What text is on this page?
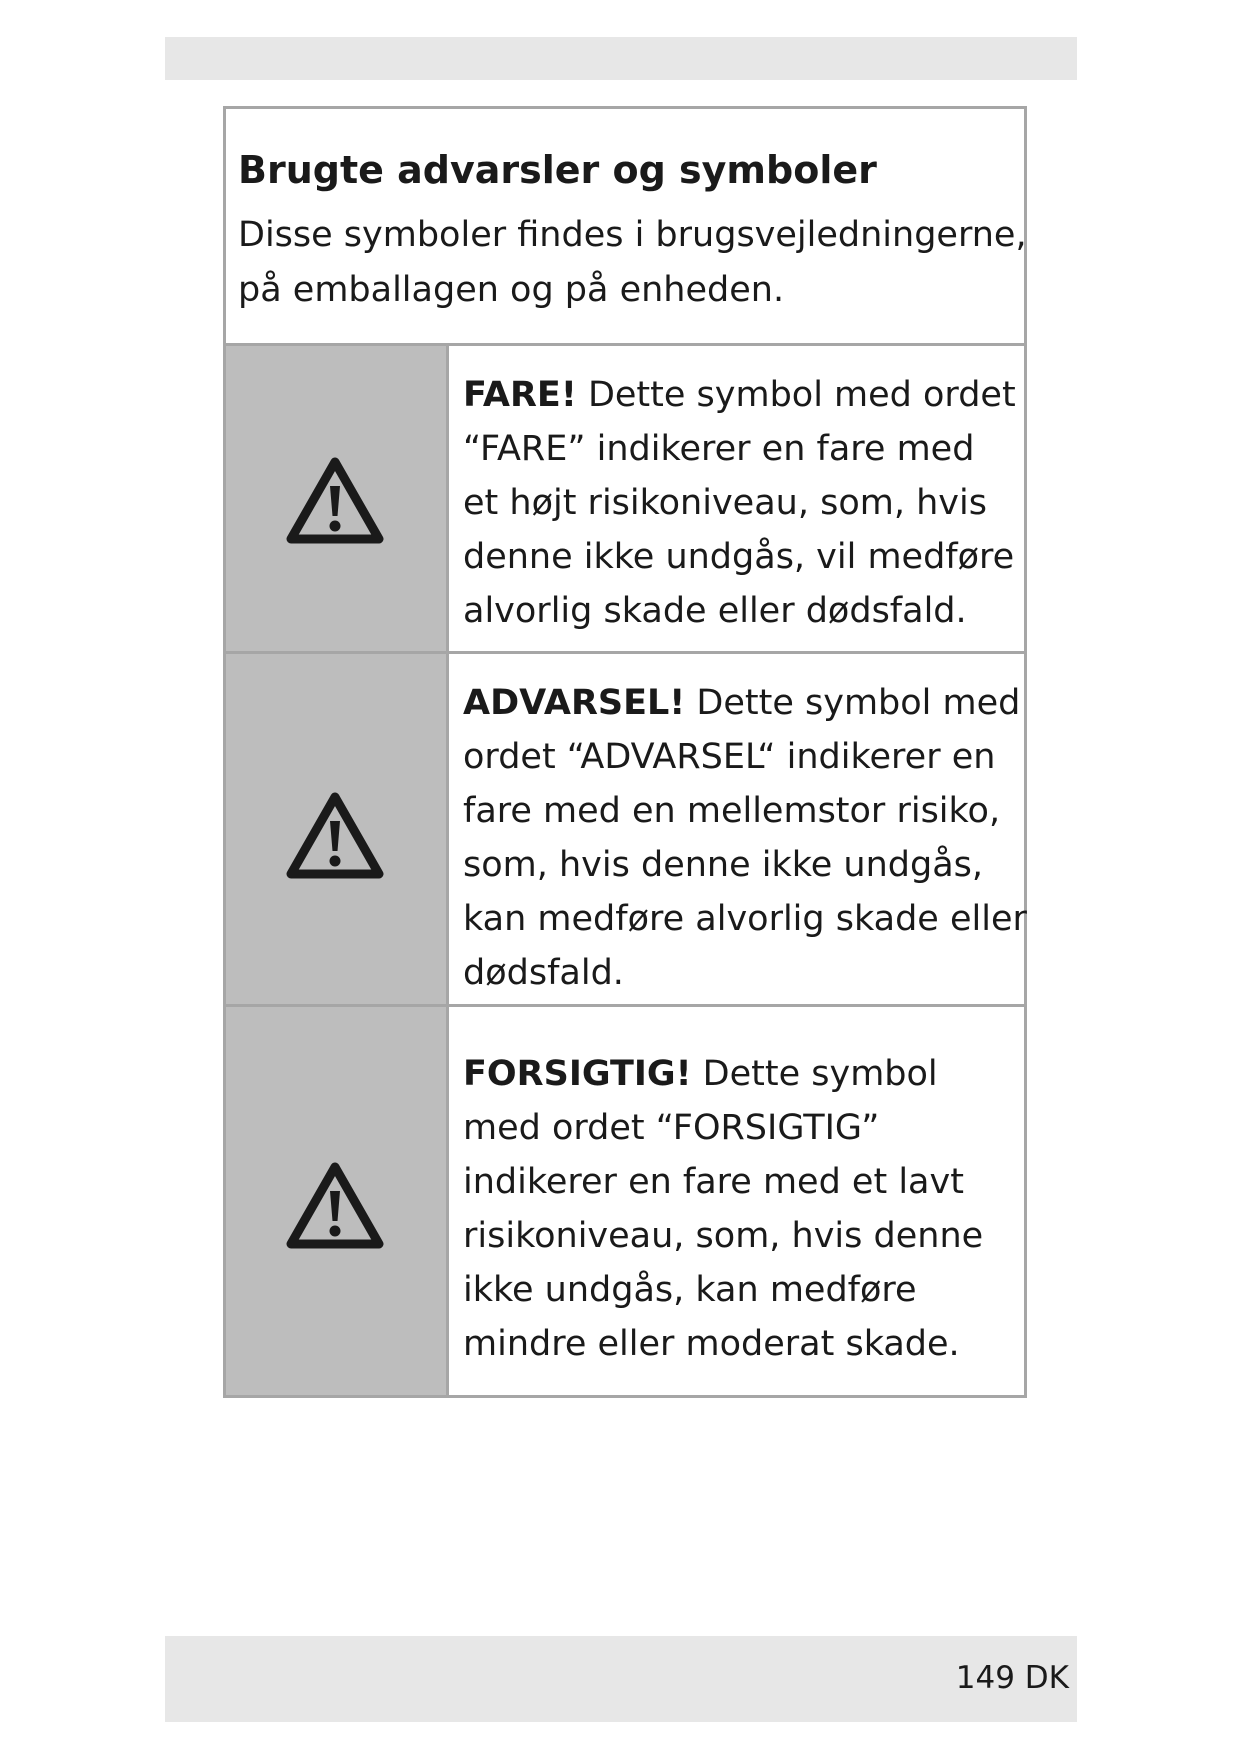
Brugte advarsler og symboler

Disse symboler findes i brugsvejledningerne,
på emballagen og på enheden.

FARE! Dette symbol med ordet
“FARE” indikerer en fare med
et højt risikoniveau, som, hvis
denne ikke undgås, vil medføre
alvorlig skade eller dødsfald.
ADVARSEL! Dette symbol med
ordet “ADVARSEL“ indikerer en
fare med en mellemstor risiko,
som, hvis denne ikke undgås,
kan medføre alvorlig skade eller
dødsfald.
FORSIGTIG! Dette symbol
med ordet “FORSIGTIG”
indikerer en fare med et lavt
risikoniveau, som, hvis denne
ikke undgås, kan medføre
mindre eller moderat skade.
149 DK
